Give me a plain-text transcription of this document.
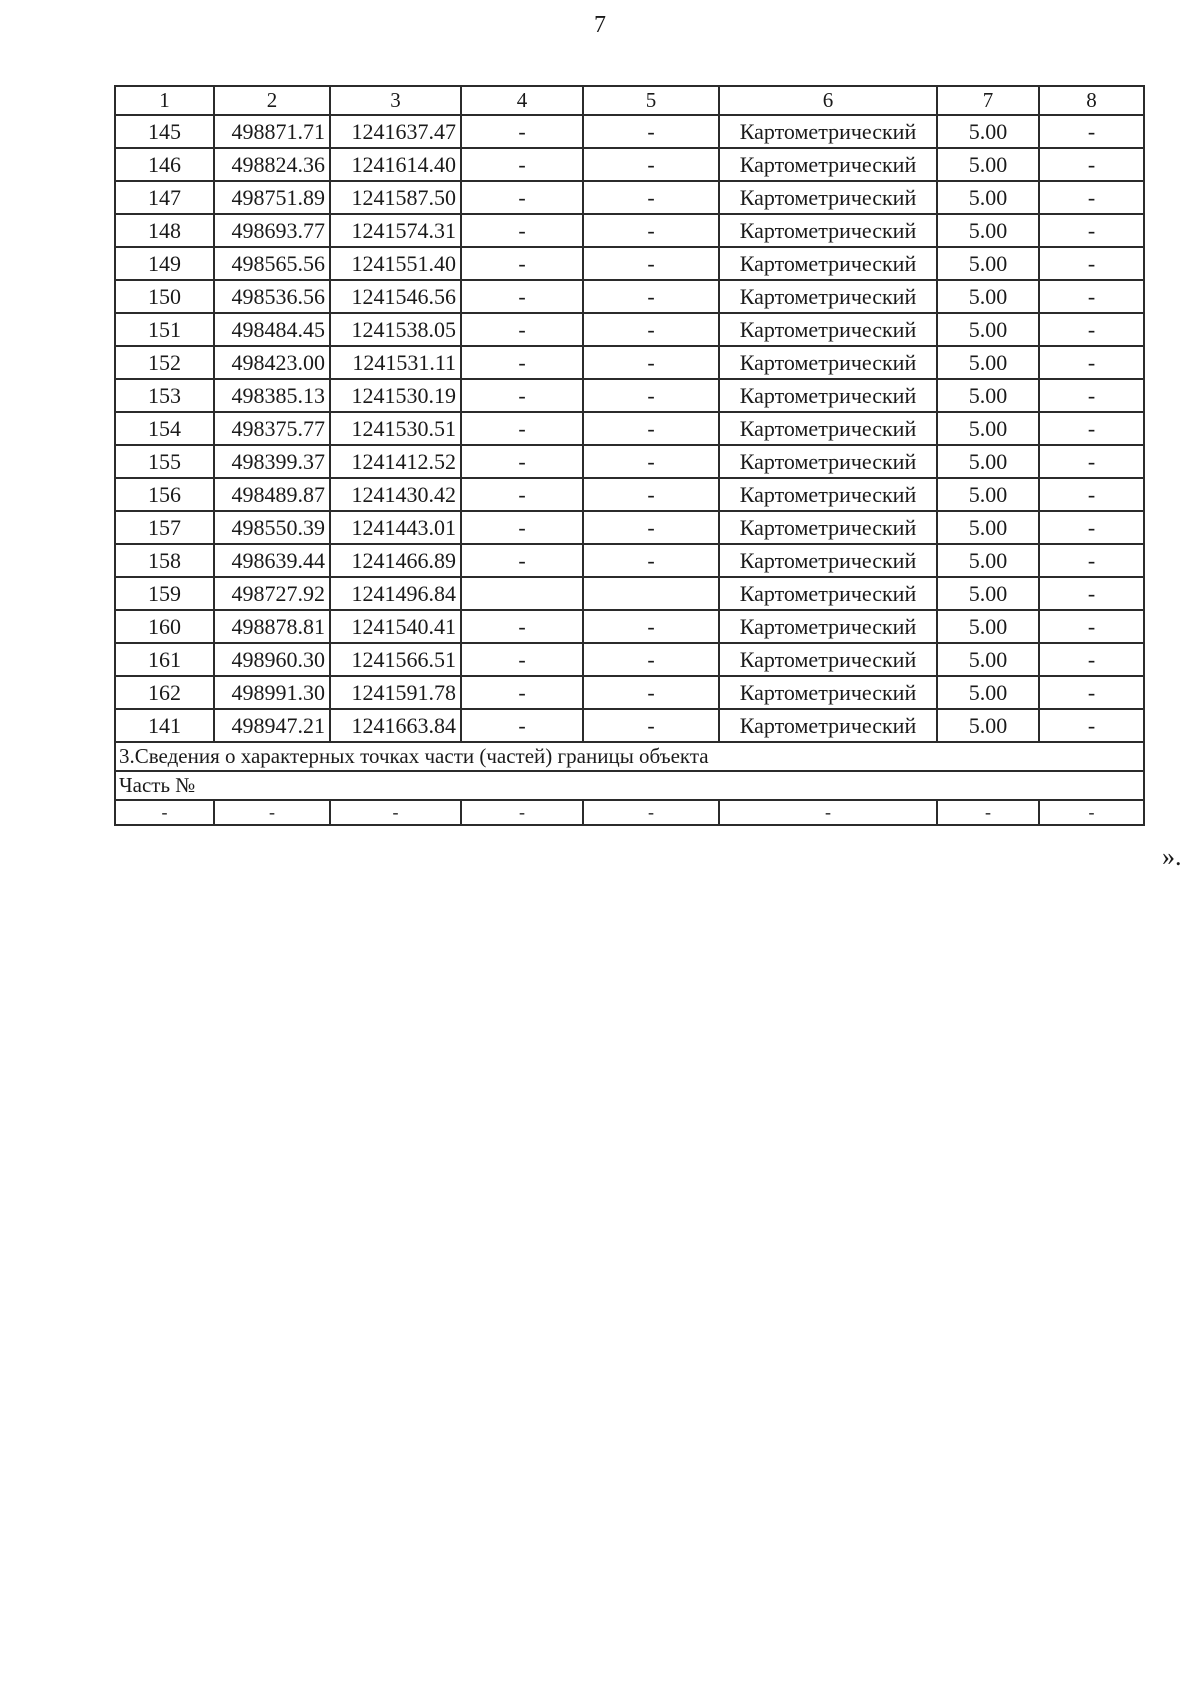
7
1	2	3	4	5	6	7	8
145	498871.71	1241637.47	-	-	Картометрический	5.00	-
146	498824.36	1241614.40	-	-	Картометрический	5.00	-
147	498751.89	1241587.50	-	-	Картометрический	5.00	-
148	498693.77	1241574.31	-	-	Картометрический	5.00	-
149	498565.56	1241551.40	-	-	Картометрический	5.00	-
150	498536.56	1241546.56	-	-	Картометрический	5.00	-
151	498484.45	1241538.05	-	-	Картометрический	5.00	-
152	498423.00	1241531.11	-	-	Картометрический	5.00	-
153	498385.13	1241530.19	-	-	Картометрический	5.00	-
154	498375.77	1241530.51	-	-	Картометрический	5.00	-
155	498399.37	1241412.52	-	-	Картометрический	5.00	-
156	498489.87	1241430.42	-	-	Картометрический	5.00	-
157	498550.39	1241443.01	-	-	Картометрический	5.00	-
158	498639.44	1241466.89	-	-	Картометрический	5.00	-
159	498727.92	1241496.84			Картометрический	5.00	-
160	498878.81	1241540.41	-	-	Картометрический	5.00	-
161	498960.30	1241566.51	-	-	Картометрический	5.00	-
162	498991.30	1241591.78	-	-	Картометрический	5.00	-
141	498947.21	1241663.84	-	-	Картометрический	5.00	-
3.Сведения о характерных точках части (частей) границы объекта							
Часть №							
-	-	-	-	-	-	-	-
».
